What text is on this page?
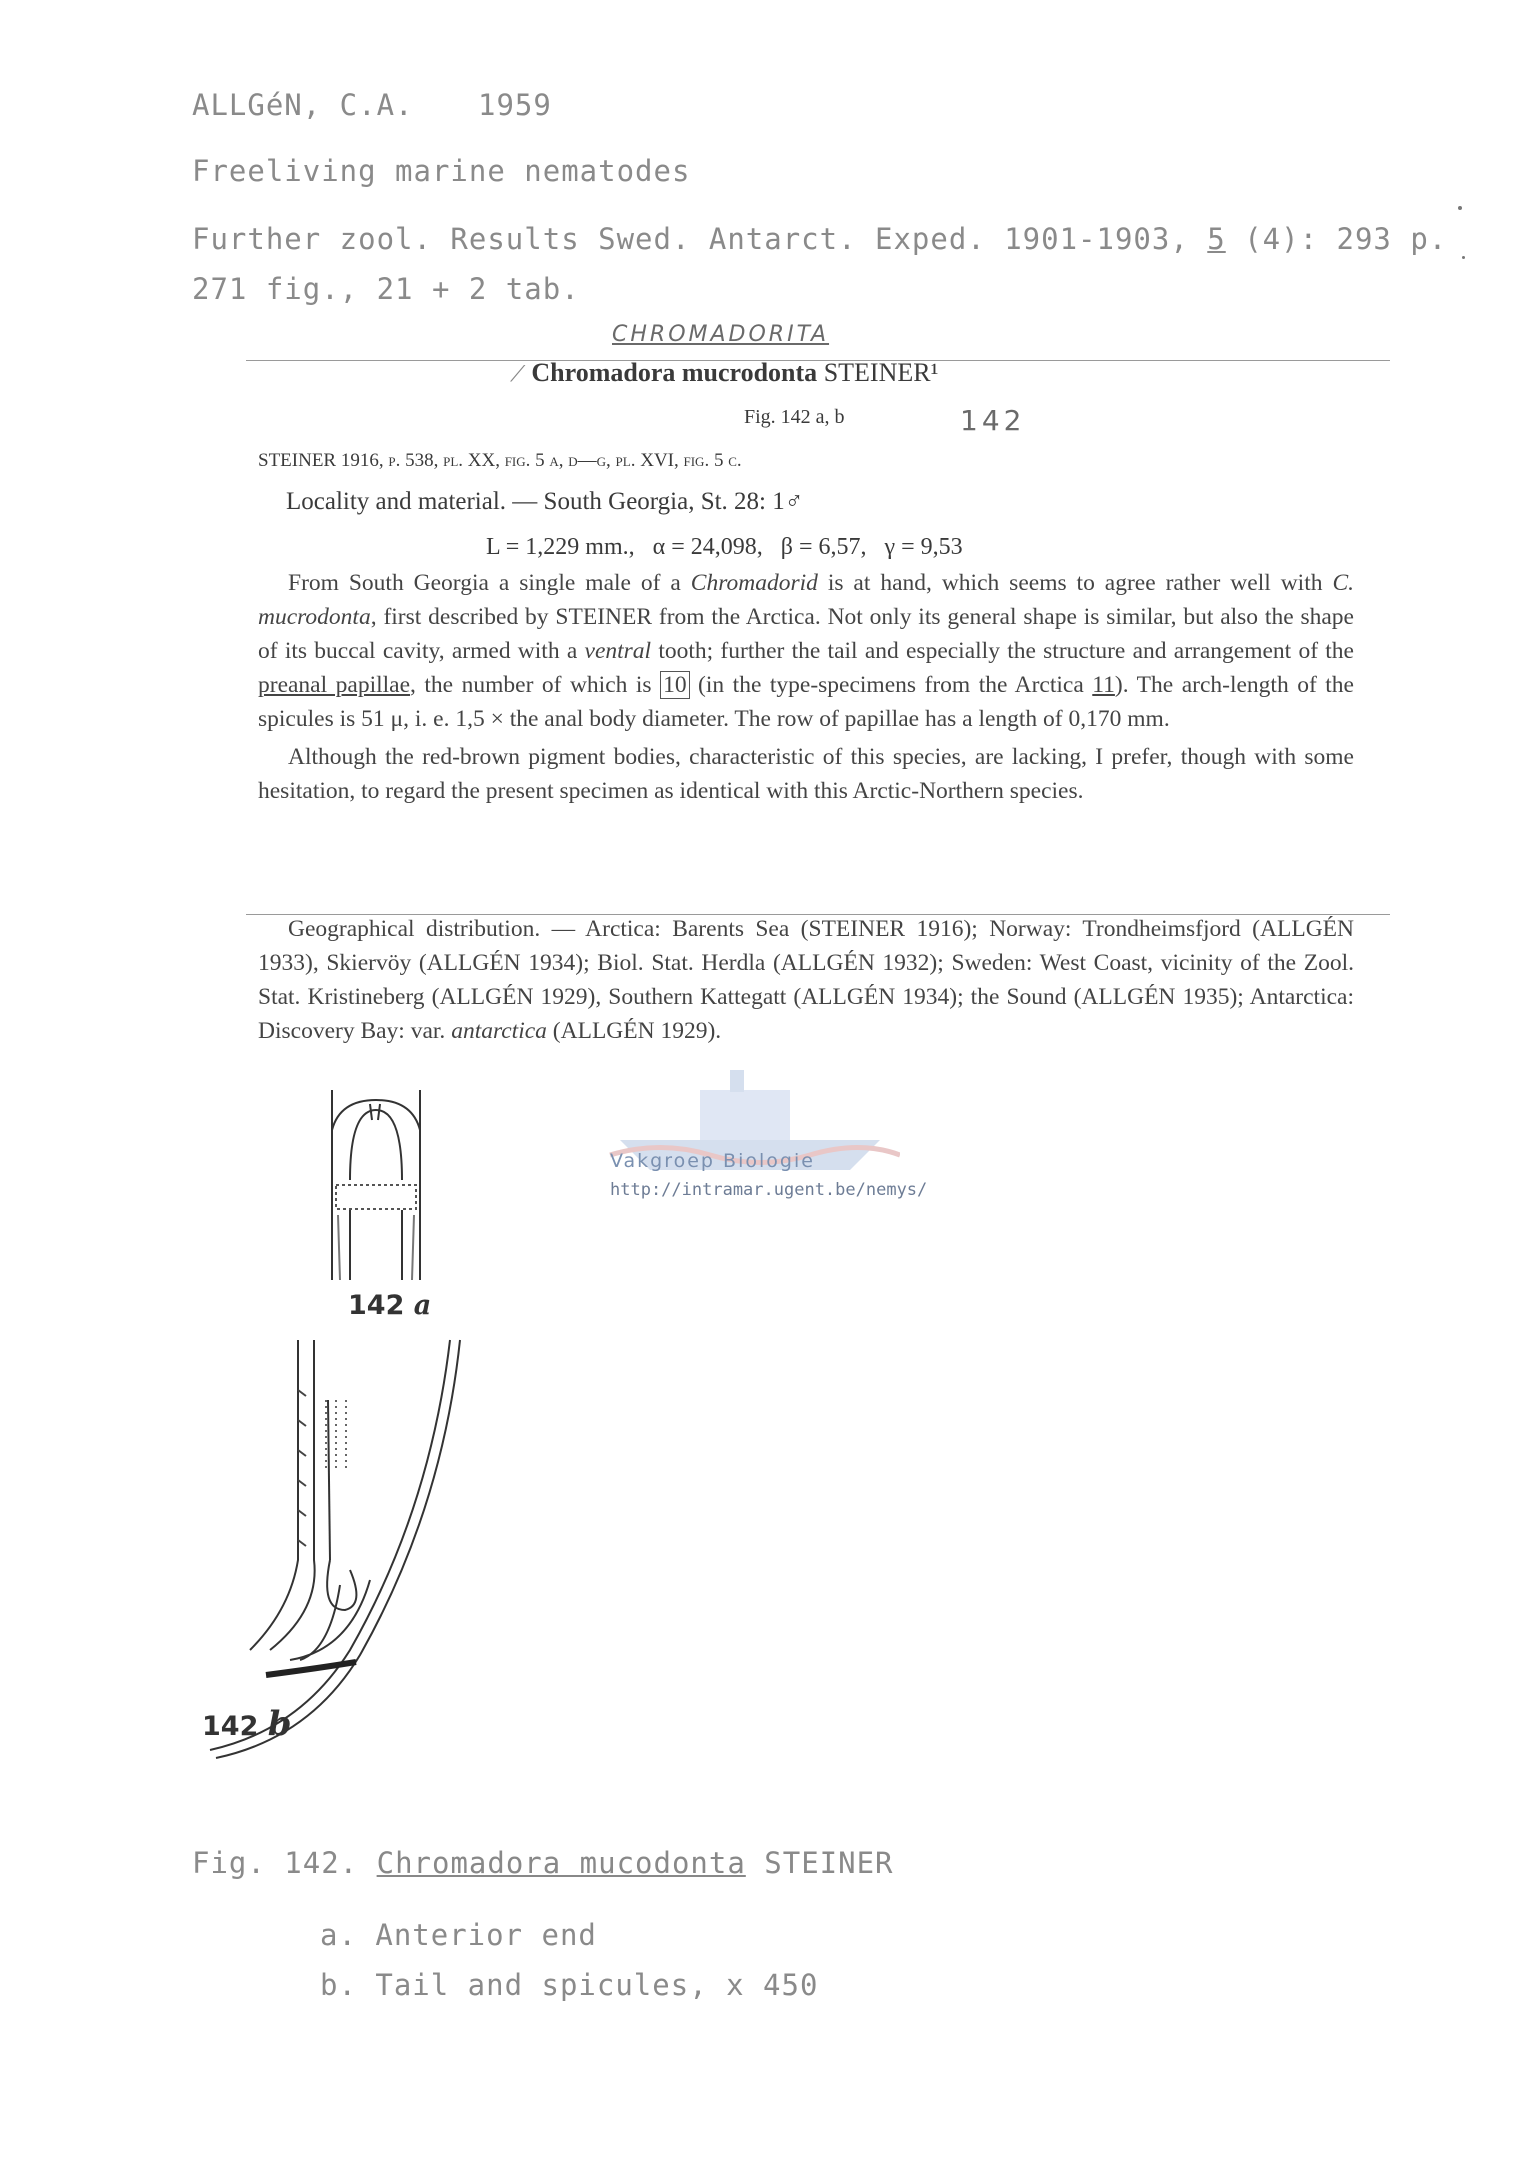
ALLGéN, C.A. 1959
Freeliving marine nematodes
Further zool. Results Swed. Antarct. Exped. 1901-1903, 5 (4): 293 p.
271 fig., 21 + 2 tab.
CHROMADORITA
⟋ Chromadora mucrodonta STEINER¹
Fig. 142 a, b	142
STEINER 1916, p. 538, pl. XX, fig. 5 a, d—g, pl. XVI, fig. 5 c.
Locality and material. — South Georgia, St. 28: 1♂
L = 1,229 mm.,   α = 24,098,   β = 6,57,   γ = 9,53

From South Georgia a single male of a Chromadorid is at hand, which seems to agree rather well with C. mucrodonta, first described by STEINER from the Arctica. Not only its general shape is similar, but also the shape of its buccal cavity, armed with a ventral tooth; further the tail and especially the structure and arrangement of the preanal papillae, the number of which is 10 (in the type-specimens from the Arctica 11). The arch-length of the spicules is 51 μ, i. e. 1,5 × the anal body diameter. The row of papillae has a length of 0,170 mm.

Although the red-brown pigment bodies, characteristic of this species, are lacking, I prefer, though with some hesitation, to regard the present specimen as identical with this Arctic-Northern species.

Geographical distribution. — Arctica: Barents Sea (STEINER 1916); Norway: Trondheimsfjord (ALLGÉN 1933), Skiervöy (ALLGÉN 1934); Biol. Stat. Herdla (ALLGÉN 1932); Sweden: West Coast, vicinity of the Zool. Stat. Kristineberg (ALLGÉN 1929), Southern Kattegatt (ALLGÉN 1934); the Sound (ALLGÉN 1935); Antarctica: Discovery Bay: var. antarctica (ALLGÉN 1929).

Vakgroep Biologie
http://intramar.ugent.be/nemys/
142 a
142 b
Fig. 142. Chromadora mucodonta STEINER
a. Anterior end
b. Tail and spicules, x 450
